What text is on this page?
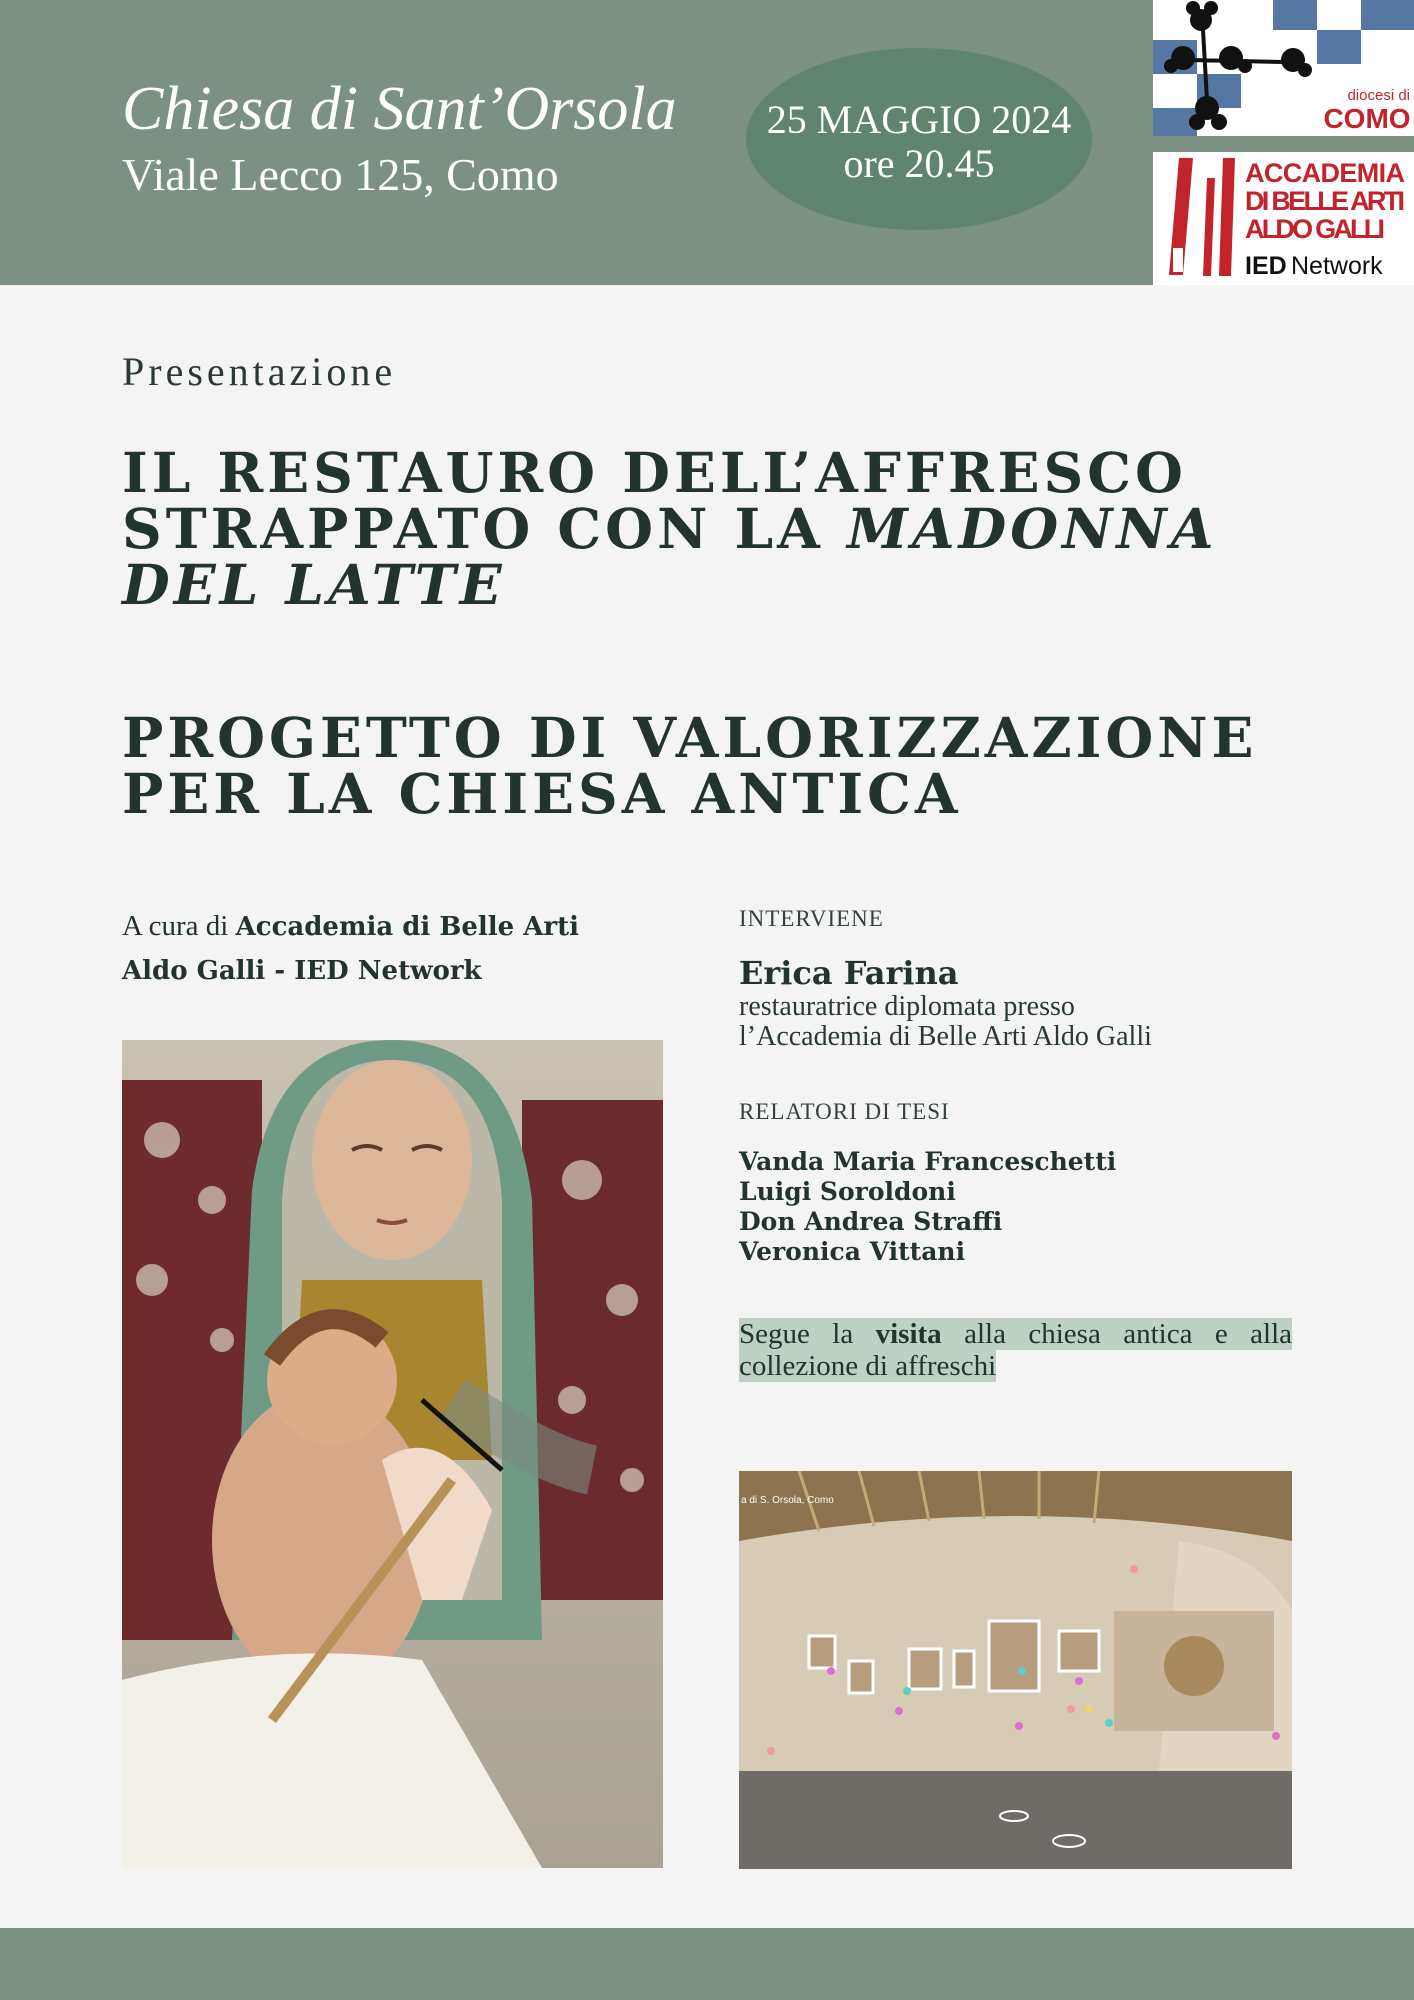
Chiesa di Sant’Orsola
Viale Lecco 125, Como
25 MAGGIO 2024
ore 20.45
diocesi di
COMO
ACCADEMIA
DI BELLE ARTI
ALDO GALLI
IED Network
Presentazione
IL RESTAURO DELL’AFFRESCO
STRAPPATO CON LA MADONNA
DEL LATTE
PROGETTO DI VALORIZZAZIONE
PER LA CHIESA ANTICA
A cura di Accademia di Belle Arti
Aldo Galli - IED Network
INTERVIENE
Erica Farina
restauratrice diplomata presso
l’Accademia di Belle Arti Aldo Galli
RELATORI DI TESI
Vanda Maria Franceschetti
Luigi Soroldoni
Don Andrea Straffi
Veronica Vittani
Segue la visita alla chiesa antica e alla collezione di affreschi
a di S. Orsola, Como
